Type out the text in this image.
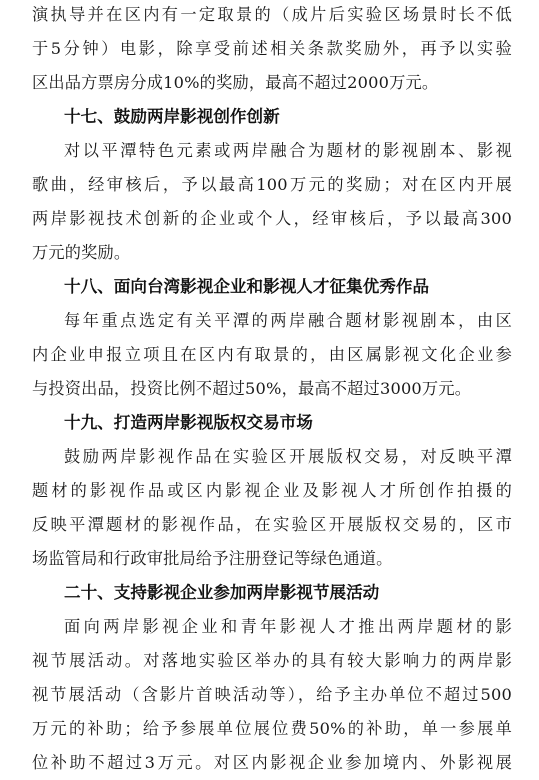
演执导并在区内有一定取景的（成片后实验区场景时长不低
于5分钟）电影，除享受前述相关条款奖励外，再予以实验
区出品方票房分成10%的奖励，最高不超过2000万元。
十七、鼓励两岸影视创作创新
对以平潭特色元素或两岸融合为题材的影视剧本、影视
歌曲，经审核后，予以最高100万元的奖励；对在区内开展
两岸影视技术创新的企业或个人，经审核后，予以最高300
万元的奖励。
十八、面向台湾影视企业和影视人才征集优秀作品
每年重点选定有关平潭的两岸融合题材影视剧本，由区
内企业申报立项且在区内有取景的，由区属影视文化企业参
与投资出品，投资比例不超过50%，最高不超过3000万元。
十九、打造两岸影视版权交易市场
鼓励两岸影视作品在实验区开展版权交易，对反映平潭
题材的影视作品或区内影视企业及影视人才所创作拍摄的
反映平潭题材的影视作品，在实验区开展版权交易的，区市
场监管局和行政审批局给予注册登记等绿色通道。
二十、支持影视企业参加两岸影视节展活动
面向两岸影视企业和青年影视人才推出两岸题材的影
视节展活动。对落地实验区举办的具有较大影响力的两岸影
视节展活动（含影片首映活动等），给予主办单位不超过500
万元的补助；给予参展单位展位费50%的补助，单一参展单
位补助不超过3万元。对区内影视企业参加境内、外影视展
